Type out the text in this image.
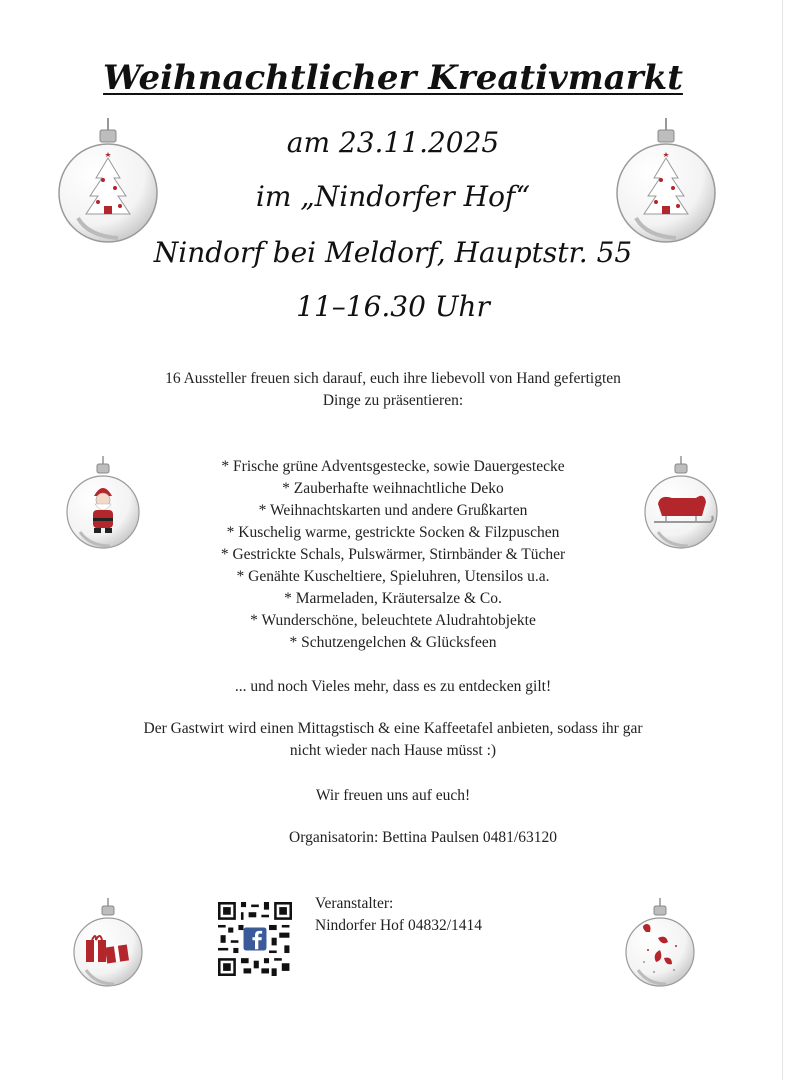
Weihnachtlicher Kreativmarkt
am 23.11.2025
im „Nindorfer Hof“
Nindorf bei Meldorf, Hauptstr. 55
11–16.30 Uhr
16 Aussteller freuen sich darauf, euch ihre liebevoll von Hand gefertigten
Dinge zu präsentieren:
* Frische grüne Adventsgestecke, sowie Dauergestecke
* Zauberhafte weihnachtliche Deko
* Weihnachtskarten und andere Grußkarten
* Kuschelig warme, gestrickte Socken & Filzpuschen
* Gestrickte Schals, Pulswärmer, Stirnbänder & Tücher
* Genähte Kuscheltiere, Spieluhren, Utensilos u.a.
* Marmeladen, Kräutersalze & Co.
* Wunderschöne, beleuchtete Aludrahtobjekte
* Schutzengelchen & Glücksfeen
... und noch Vieles mehr, dass es zu entdecken gilt!
Der Gastwirt wird einen Mittagstisch & eine Kaffeetafel anbieten, sodass ihr gar
nicht wieder nach Hause müsst :)
Wir freuen uns auf euch!
Organisatorin: Bettina Paulsen 0481/63120
Veranstalter:
Nindorfer Hof 04832/1414
